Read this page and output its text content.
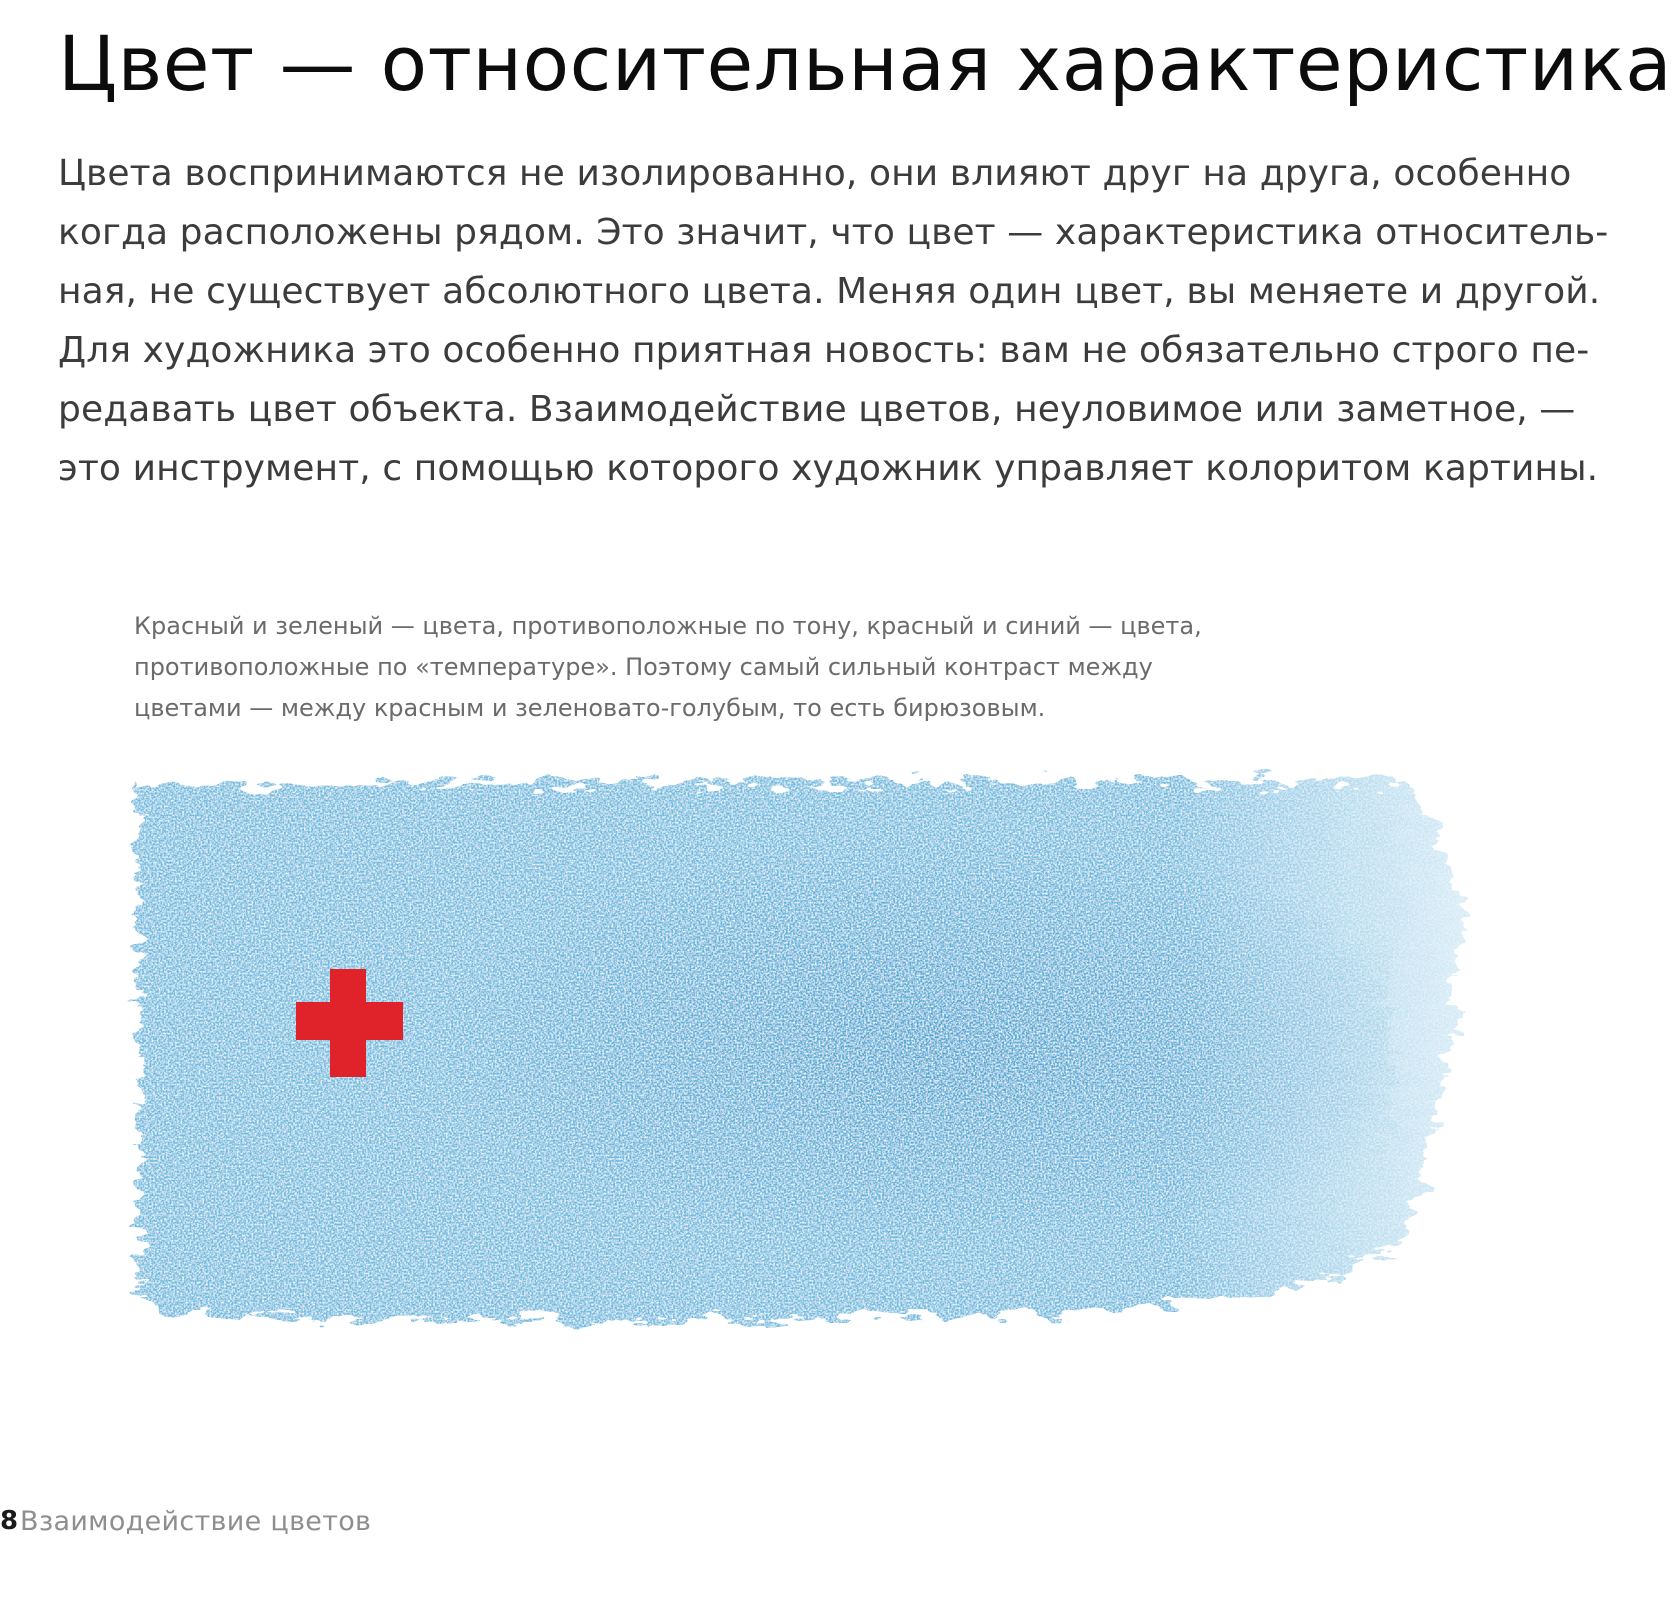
Цвет — относительная характеристика

Цвета воспринимаются не изолированно, они влияют друг на друга, особенно
когда расположены рядом. Это значит, что цвет — характеристика относитель-
ная, не существует абсолютного цвета. Меняя один цвет, вы меняете и другой.
Для художника это особенно приятная новость: вам не обязательно строго пе-
редавать цвет объекта. Взаимодействие цветов, неуловимое или заметное, —
это инструмент, с помощью которого художник управляет колоритом картины.

Красный и зеленый — цвета, противоположные по тону, красный и синий — цвета,
противоположные по «температуре». Поэтому самый сильный контраст между
цветами — между красным и зеленовато-голубым, то есть бирюзовым.

8 Взаимодействие цветов
